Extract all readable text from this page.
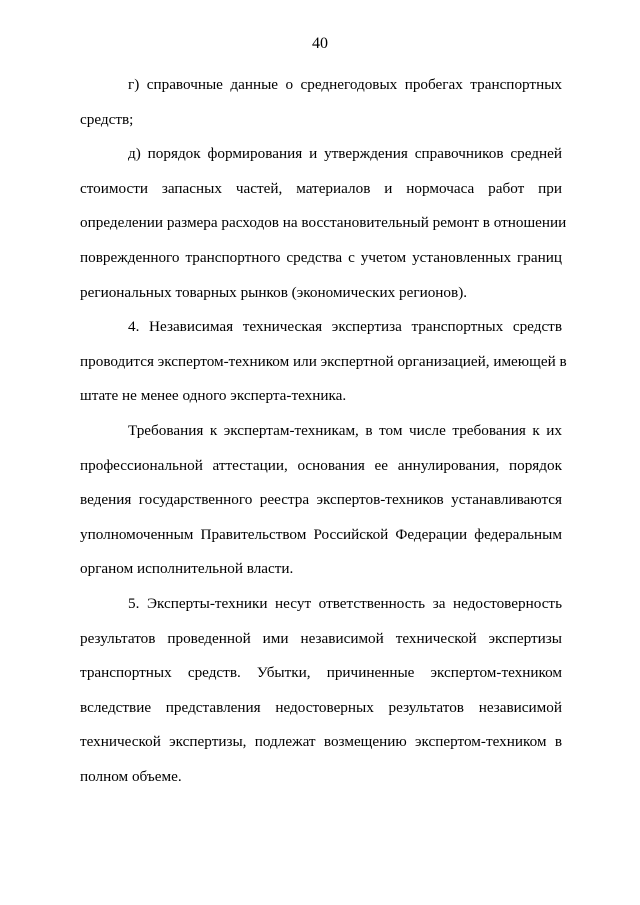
40
г) справочные данные о среднегодовых пробегах транспортных
средств;
д) порядок формирования и утверждения справочников средней
стоимости запасных частей, материалов и нормочаса работ при
определении размера расходов на восстановительный ремонт в отношении
поврежденного транспортного средства с учетом установленных границ
региональных товарных рынков (экономических регионов).
4. Независимая техническая экспертиза транспортных средств
проводится экспертом-техником или экспертной организацией, имеющей в
штате не менее одного эксперта-техника.
Требования к экспертам-техникам, в том числе требования к их
профессиональной аттестации, основания ее аннулирования, порядок
ведения государственного реестра экспертов-техников устанавливаются
уполномоченным Правительством Российской Федерации федеральным
органом исполнительной власти.
5. Эксперты-техники несут ответственность за недостоверность
результатов проведенной ими независимой технической экспертизы
транспортных средств. Убытки, причиненные экспертом-техником
вследствие представления недостоверных результатов независимой
технической экспертизы, подлежат возмещению экспертом-техником в
полном объеме.
